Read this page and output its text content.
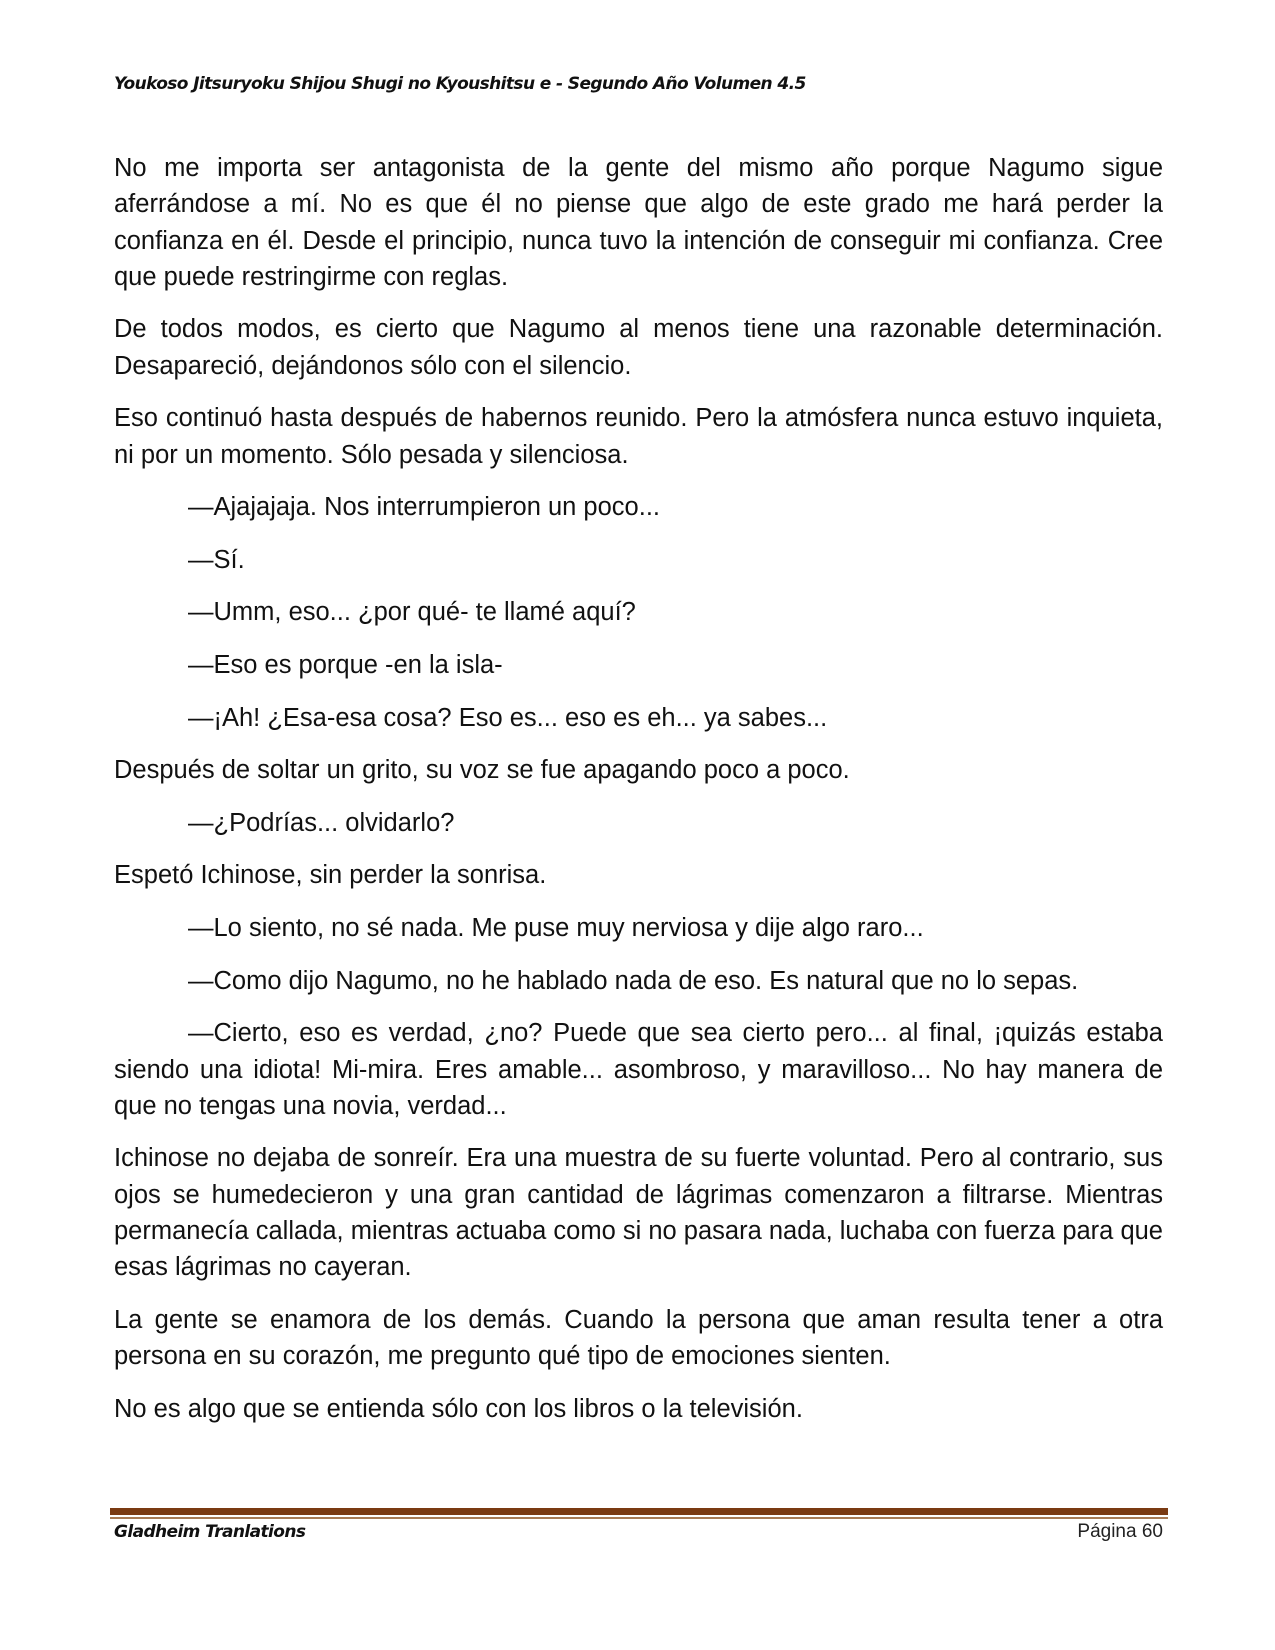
Youkoso Jitsuryoku Shijou Shugi no Kyoushitsu e - Segundo Año Volumen 4.5

No me importa ser antagonista de la gente del mismo año porque Nagumo sigue aferrándose a mí. No es que él no piense que algo de este grado me hará perder la confianza en él. Desde el principio, nunca tuvo la intención de conseguir mi confianza. Cree que puede restringirme con reglas.

De todos modos, es cierto que Nagumo al menos tiene una razonable determinación. Desapareció, dejándonos sólo con el silencio.

Eso continuó hasta después de habernos reunido. Pero la atmósfera nunca estuvo inquieta, ni por un momento. Sólo pesada y silenciosa.

—Ajajajaja. Nos interrumpieron un poco...

—Sí.

—Umm, eso... ¿por qué- te llamé aquí?

—Eso es porque -en la isla-

—¡Ah! ¿Esa-esa cosa? Eso es... eso es eh... ya sabes...

Después de soltar un grito, su voz se fue apagando poco a poco.

—¿Podrías... olvidarlo?

Espetó Ichinose, sin perder la sonrisa.

—Lo siento, no sé nada. Me puse muy nerviosa y dije algo raro...

—Como dijo Nagumo, no he hablado nada de eso. Es natural que no lo sepas.

—Cierto, eso es verdad, ¿no? Puede que sea cierto pero... al final, ¡quizás estaba siendo una idiota! Mi-mira. Eres amable... asombroso, y maravilloso... No hay manera de que no tengas una novia, verdad...

Ichinose no dejaba de sonreír. Era una muestra de su fuerte voluntad. Pero al contrario, sus ojos se humedecieron y una gran cantidad de lágrimas comenzaron a filtrarse. Mientras permanecía callada, mientras actuaba como si no pasara nada, luchaba con fuerza para que esas lágrimas no cayeran.

La gente se enamora de los demás. Cuando la persona que aman resulta tener a otra persona en su corazón, me pregunto qué tipo de emociones sienten.

No es algo que se entienda sólo con los libros o la televisión.

Gladheim Tranlations	Página 60
